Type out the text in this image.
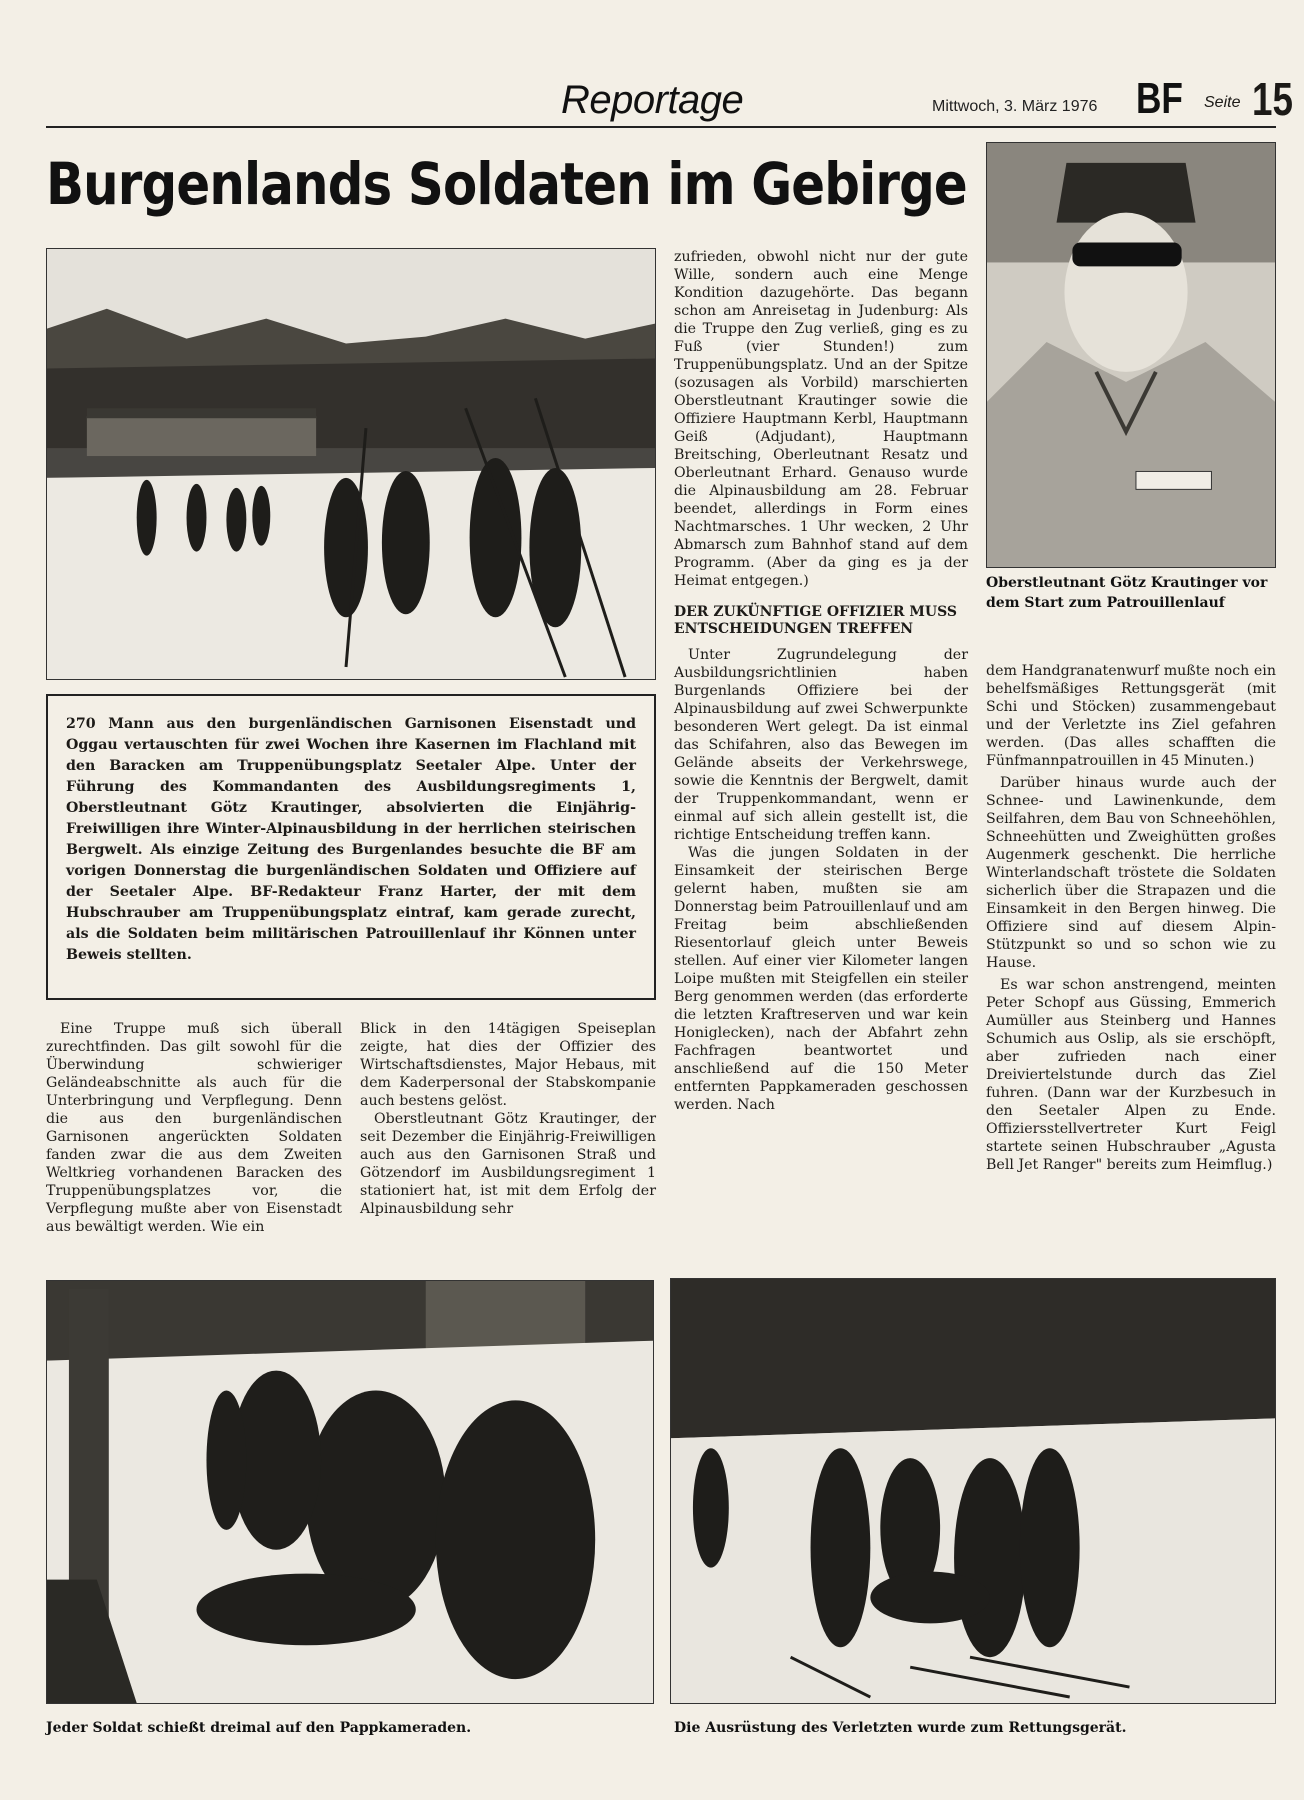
Reportage	Mittwoch, 3. März 1976 BF Seite 15
Burgenlands Soldaten im Gebirge
Oberstleutnant Götz Krautinger vor dem Start zum Patrouillenlauf
270 Mann aus den burgenländischen Garnisonen Eisenstadt und Oggau vertauschten für zwei Wochen ihre Kasernen im Flachland mit den Baracken am Truppenübungsplatz Seetaler Alpe. Unter der Führung des Kommandanten des Ausbildungsregiments 1, Oberstleutnant Götz Krautinger, absolvierten die Einjährig-Freiwilligen ihre Winter-Alpinausbildung in der herrlichen steirischen Bergwelt. Als einzige Zeitung des Burgenlandes besuchte die BF am vorigen Donnerstag die burgenländischen Soldaten und Offiziere auf der Seetaler Alpe. BF-Redakteur Franz Harter, der mit dem Hubschrauber am Truppenübungsplatz eintraf, kam gerade zurecht, als die Soldaten beim militärischen Patrouillenlauf ihr Können unter Beweis stellten.

Eine Truppe muß sich überall zurechtfinden. Das gilt sowohl für die Überwindung schwieriger Geländeabschnitte als auch für die Unterbringung und Verpflegung. Denn die aus den burgenländischen Garnisonen angerückten Soldaten fanden zwar die aus dem Zweiten Weltkrieg vorhandenen Baracken des Truppenübungsplatzes vor, die Verpflegung mußte aber von Eisenstadt aus bewältigt werden. Wie ein

Blick in den 14tägigen Speiseplan zeigte, hat dies der Offizier des Wirtschaftsdienstes, Major Hebaus, mit dem Kaderpersonal der Stabskompanie auch bestens gelöst.

Oberstleutnant Götz Krautinger, der seit Dezember die Einjährig-Freiwilligen auch aus den Garnisonen Straß und Götzendorf im Ausbildungsregiment 1 stationiert hat, ist mit dem Erfolg der Alpinausbildung sehr

zufrieden, obwohl nicht nur der gute Wille, sondern auch eine Menge Kondition dazugehörte. Das begann schon am Anreisetag in Judenburg: Als die Truppe den Zug verließ, ging es zu Fuß (vier Stunden!) zum Truppenübungsplatz. Und an der Spitze (sozusagen als Vorbild) marschierten Oberstleutnant Krautinger sowie die Offiziere Hauptmann Kerbl, Hauptmann Geiß (Adjudant), Hauptmann Breitsching, Oberleutnant Resatz und Oberleutnant Erhard. Genauso wurde die Alpinausbildung am 28. Februar beendet, allerdings in Form eines Nachtmarsches. 1 Uhr wecken, 2 Uhr Abmarsch zum Bahnhof stand auf dem Programm. (Aber da ging es ja der Heimat entgegen.)

DER ZUKÜNFTIGE OFFIZIER MUSS ENTSCHEIDUNGEN TREFFEN

Unter Zugrundelegung der Ausbildungsrichtlinien haben Burgenlands Offiziere bei der Alpinausbildung auf zwei Schwerpunkte besonderen Wert gelegt. Da ist einmal das Schifahren, also das Bewegen im Gelände abseits der Verkehrswege, sowie die Kenntnis der Bergwelt, damit der Truppenkommandant, wenn er einmal auf sich allein gestellt ist, die richtige Entscheidung treffen kann.

Was die jungen Soldaten in der Einsamkeit der steirischen Berge gelernt haben, mußten sie am Donnerstag beim Patrouillenlauf und am Freitag beim abschließenden Riesentorlauf gleich unter Beweis stellen. Auf einer vier Kilometer langen Loipe mußten mit Steigfellen ein steiler Berg genommen werden (das erforderte die letzten Kraftreserven und war kein Honiglecken), nach der Abfahrt zehn Fachfragen beantwortet und anschließend auf die 150 Meter entfernten Pappkameraden geschossen werden. Nach

dem Handgranatenwurf mußte noch ein behelfsmäßiges Rettungsgerät (mit Schi und Stöcken) zusammengebaut und der Verletzte ins Ziel gefahren werden. (Das alles schafften die Fünfmannpatrouillen in 45 Minuten.)

Darüber hinaus wurde auch der Schnee- und Lawinenkunde, dem Seilfahren, dem Bau von Schneehöhlen, Schneehütten und Zweighütten großes Augenmerk geschenkt. Die herrliche Winterlandschaft tröstete die Soldaten sicherlich über die Strapazen und die Einsamkeit in den Bergen hinweg. Die Offiziere sind auf diesem Alpin-Stützpunkt so und so schon wie zu Hause.

Es war schon anstrengend, meinten Peter Schopf aus Güssing, Emmerich Aumüller aus Steinberg und Hannes Schumich aus Oslip, als sie erschöpft, aber zufrieden nach einer Dreiviertelstunde durch das Ziel fuhren. (Dann war der Kurzbesuch in den Seetaler Alpen zu Ende. Offiziersstellvertreter Kurt Feigl startete seinen Hubschrauber „Agusta Bell Jet Ranger" bereits zum Heimflug.)

Jeder Soldat schießt dreimal auf den Pappkameraden.	Die Ausrüstung des Verletzten wurde zum Rettungsgerät.
